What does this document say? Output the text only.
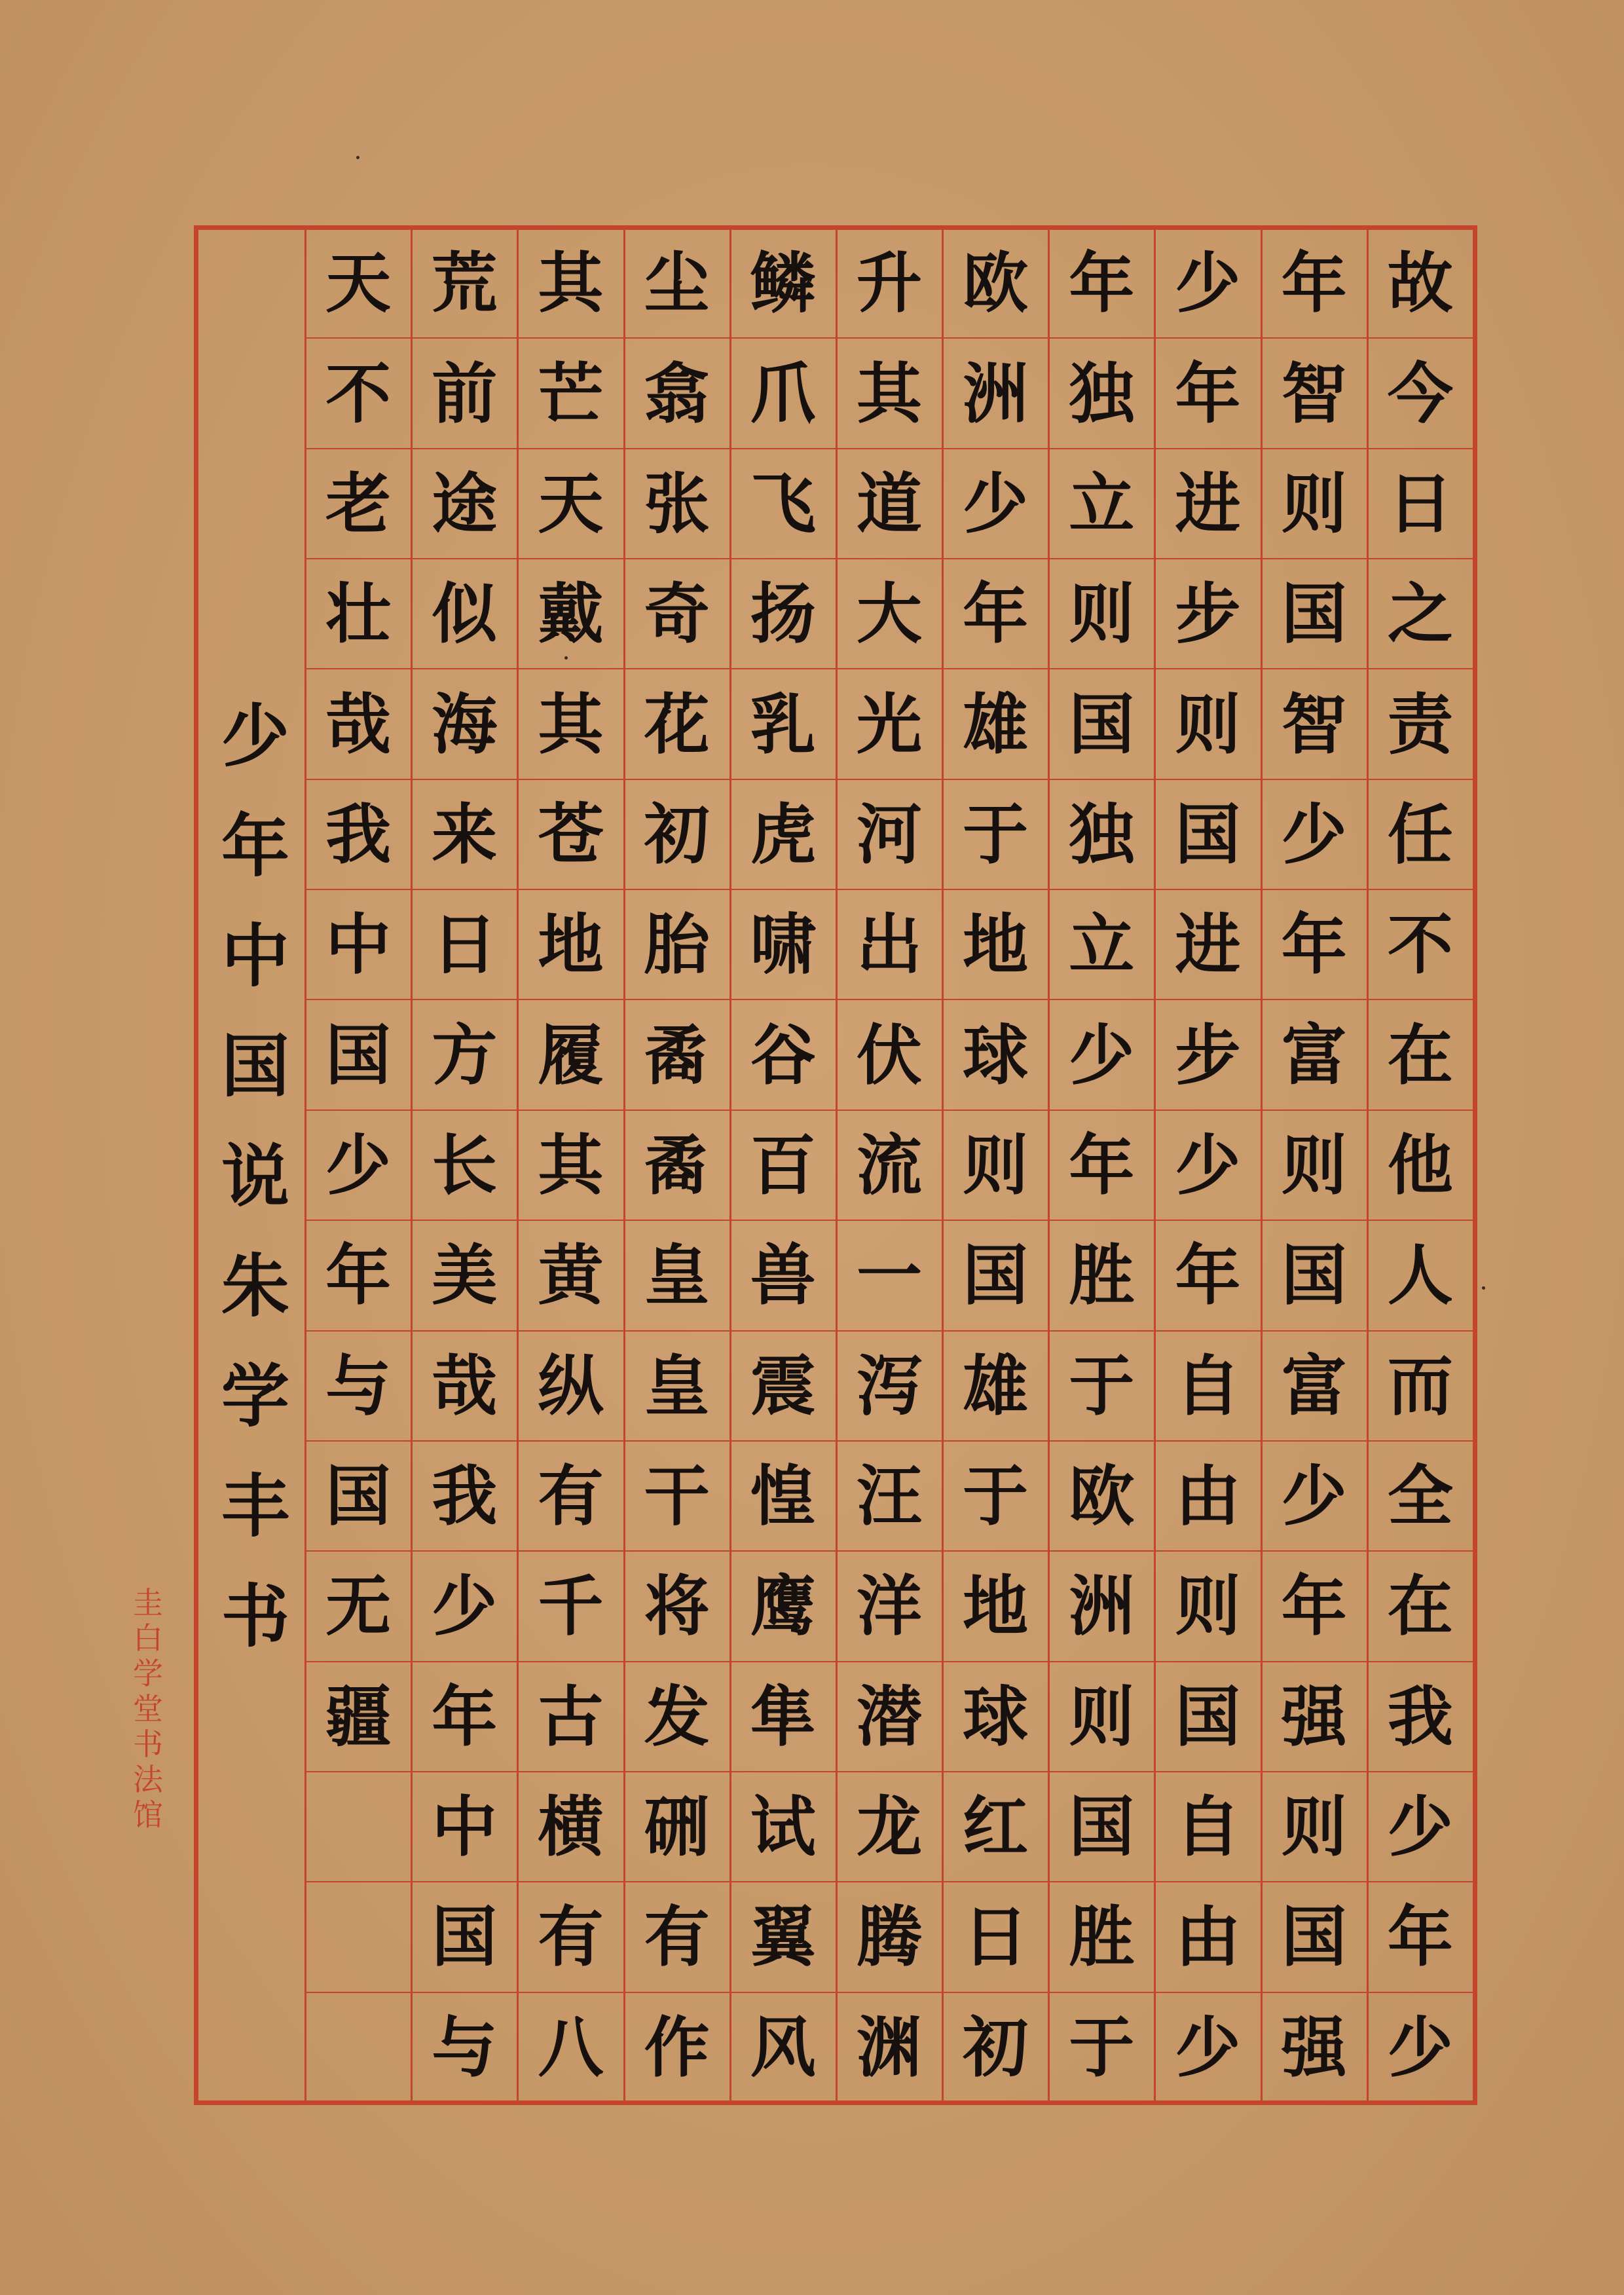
故
今
日
之
责
任
不
在
他
人
而
全
在
我
少
年
少
年
智
则
国
智
少
年
富
则
国
富
少
年
强
则
国
强
少
年
进
步
则
国
进
步
少
年
自
由
则
国
自
由
少
年
独
立
则
国
独
立
少
年
胜
于
欧
洲
则
国
胜
于
欧
洲
少
年
雄
于
地
球
则
国
雄
于
地
球
红
日
初
升
其
道
大
光
河
出
伏
流
一
泻
汪
洋
潜
龙
腾
渊
鳞
爪
飞
扬
乳
虎
啸
谷
百
兽
震
惶
鹰
隼
试
翼
风
尘
翕
张
奇
花
初
胎
矞
矞
皇
皇
干
将
发
硎
有
作
其
芒
天
戴
其
苍
地
履
其
黄
纵
有
千
古
横
有
八
荒
前
途
似
海
来
日
方
长
美
哉
我
少
年
中
国
与
天
不
老
壮
哉
我
中
国
少
年
与
国
无
疆
少
年
中
国
说
朱
学
丰
书
圭
白
学
堂
书
法
馆
